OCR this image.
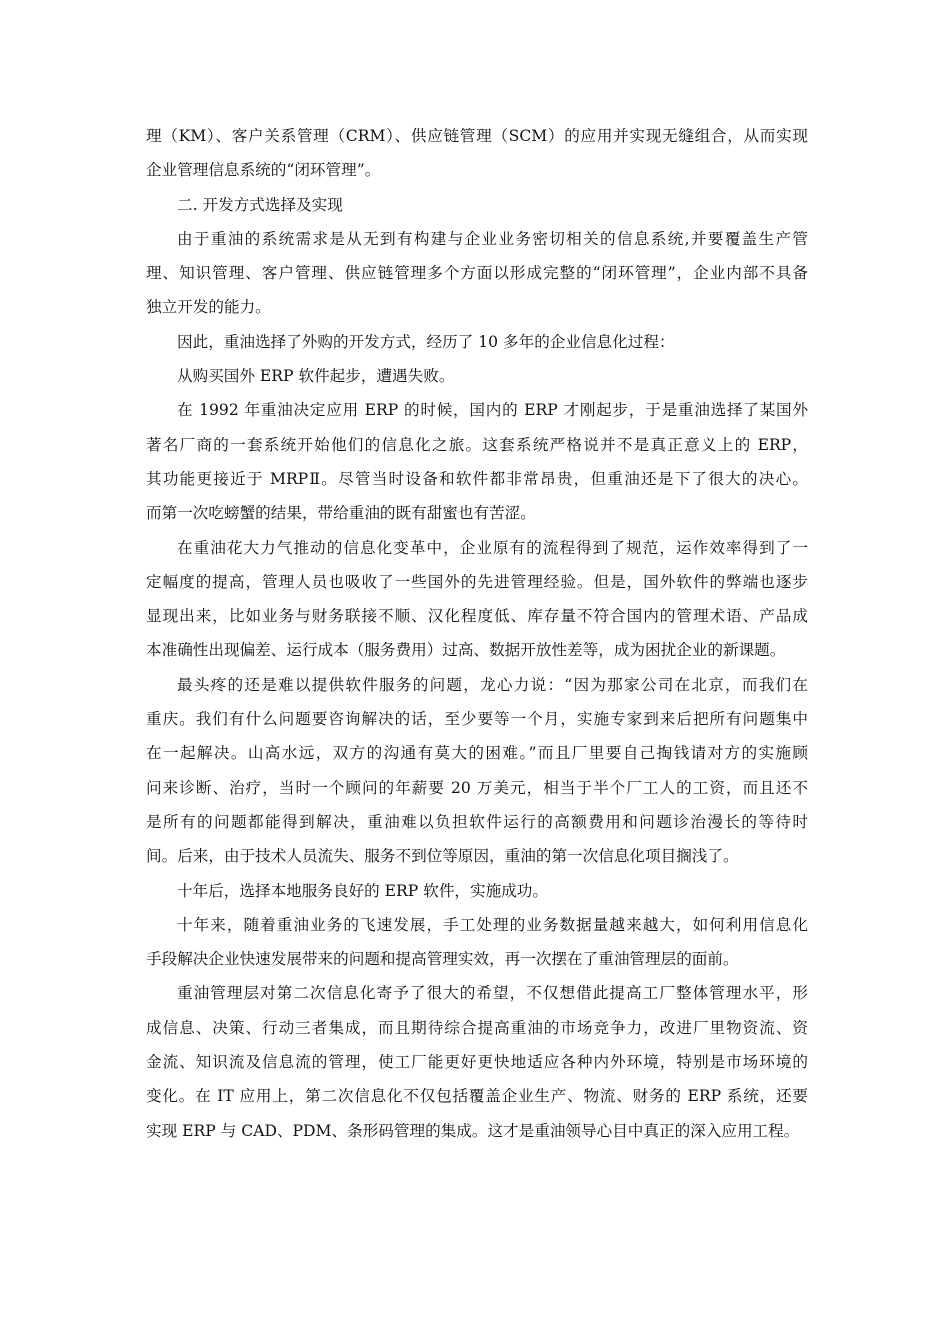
理（KM）、客户关系管理（CRM）、供应链管理（SCM）的应用并实现无缝组合，从而实现
企业管理信息系统的“闭环管理”。
二. 开发方式选择及实现
由于重油的系统需求是从无到有构建与企业业务密切相关的信息系统,并要覆盖生产管
理、知识管理、客户管理、供应链管理多个方面以形成完整的“闭环管理”，企业内部不具备
独立开发的能力。
因此，重油选择了外购的开发方式，经历了 10 多年的企业信息化过程：
从购买国外 ERP 软件起步，遭遇失败。
在 1992 年重油决定应用 ERP 的时候，国内的 ERP 才刚起步，于是重油选择了某国外
著名厂商的一套系统开始他们的信息化之旅。这套系统严格说并不是真正意义上的 ERP，
其功能更接近于 MRPⅡ。尽管当时设备和软件都非常昂贵，但重油还是下了很大的决心。
而第一次吃螃蟹的结果，带给重油的既有甜蜜也有苦涩。
在重油花大力气推动的信息化变革中，企业原有的流程得到了规范，运作效率得到了一
定幅度的提高，管理人员也吸收了一些国外的先进管理经验。但是，国外软件的弊端也逐步
显现出来，比如业务与财务联接不顺、汉化程度低、库存量不符合国内的管理术语、产品成
本准确性出现偏差、运行成本（服务费用）过高、数据开放性差等，成为困扰企业的新课题。
最头疼的还是难以提供软件服务的问题，龙心力说：“因为那家公司在北京，而我们在
重庆。我们有什么问题要咨询解决的话，至少要等一个月，实施专家到来后把所有问题集中
在一起解决。山高水远，双方的沟通有莫大的困难。”而且厂里要自己掏钱请对方的实施顾
问来诊断、治疗，当时一个顾问的年薪要 20 万美元，相当于半个厂工人的工资，而且还不
是所有的问题都能得到解决，重油难以负担软件运行的高额费用和问题诊治漫长的等待时
间。后来，由于技术人员流失、服务不到位等原因，重油的第一次信息化项目搁浅了。
十年后，选择本地服务良好的 ERP 软件，实施成功。
十年来，随着重油业务的飞速发展，手工处理的业务数据量越来越大，如何利用信息化
手段解决企业快速发展带来的问题和提高管理实效，再一次摆在了重油管理层的面前。
重油管理层对第二次信息化寄予了很大的希望，不仅想借此提高工厂整体管理水平，形
成信息、决策、行动三者集成，而且期待综合提高重油的市场竞争力，改进厂里物资流、资
金流、知识流及信息流的管理，使工厂能更好更快地适应各种内外环境，特别是市场环境的
变化。在 IT 应用上，第二次信息化不仅包括覆盖企业生产、物流、财务的 ERP 系统，还要
实现 ERP 与 CAD、PDM、条形码管理的集成。这才是重油领导心目中真正的深入应用工程。
